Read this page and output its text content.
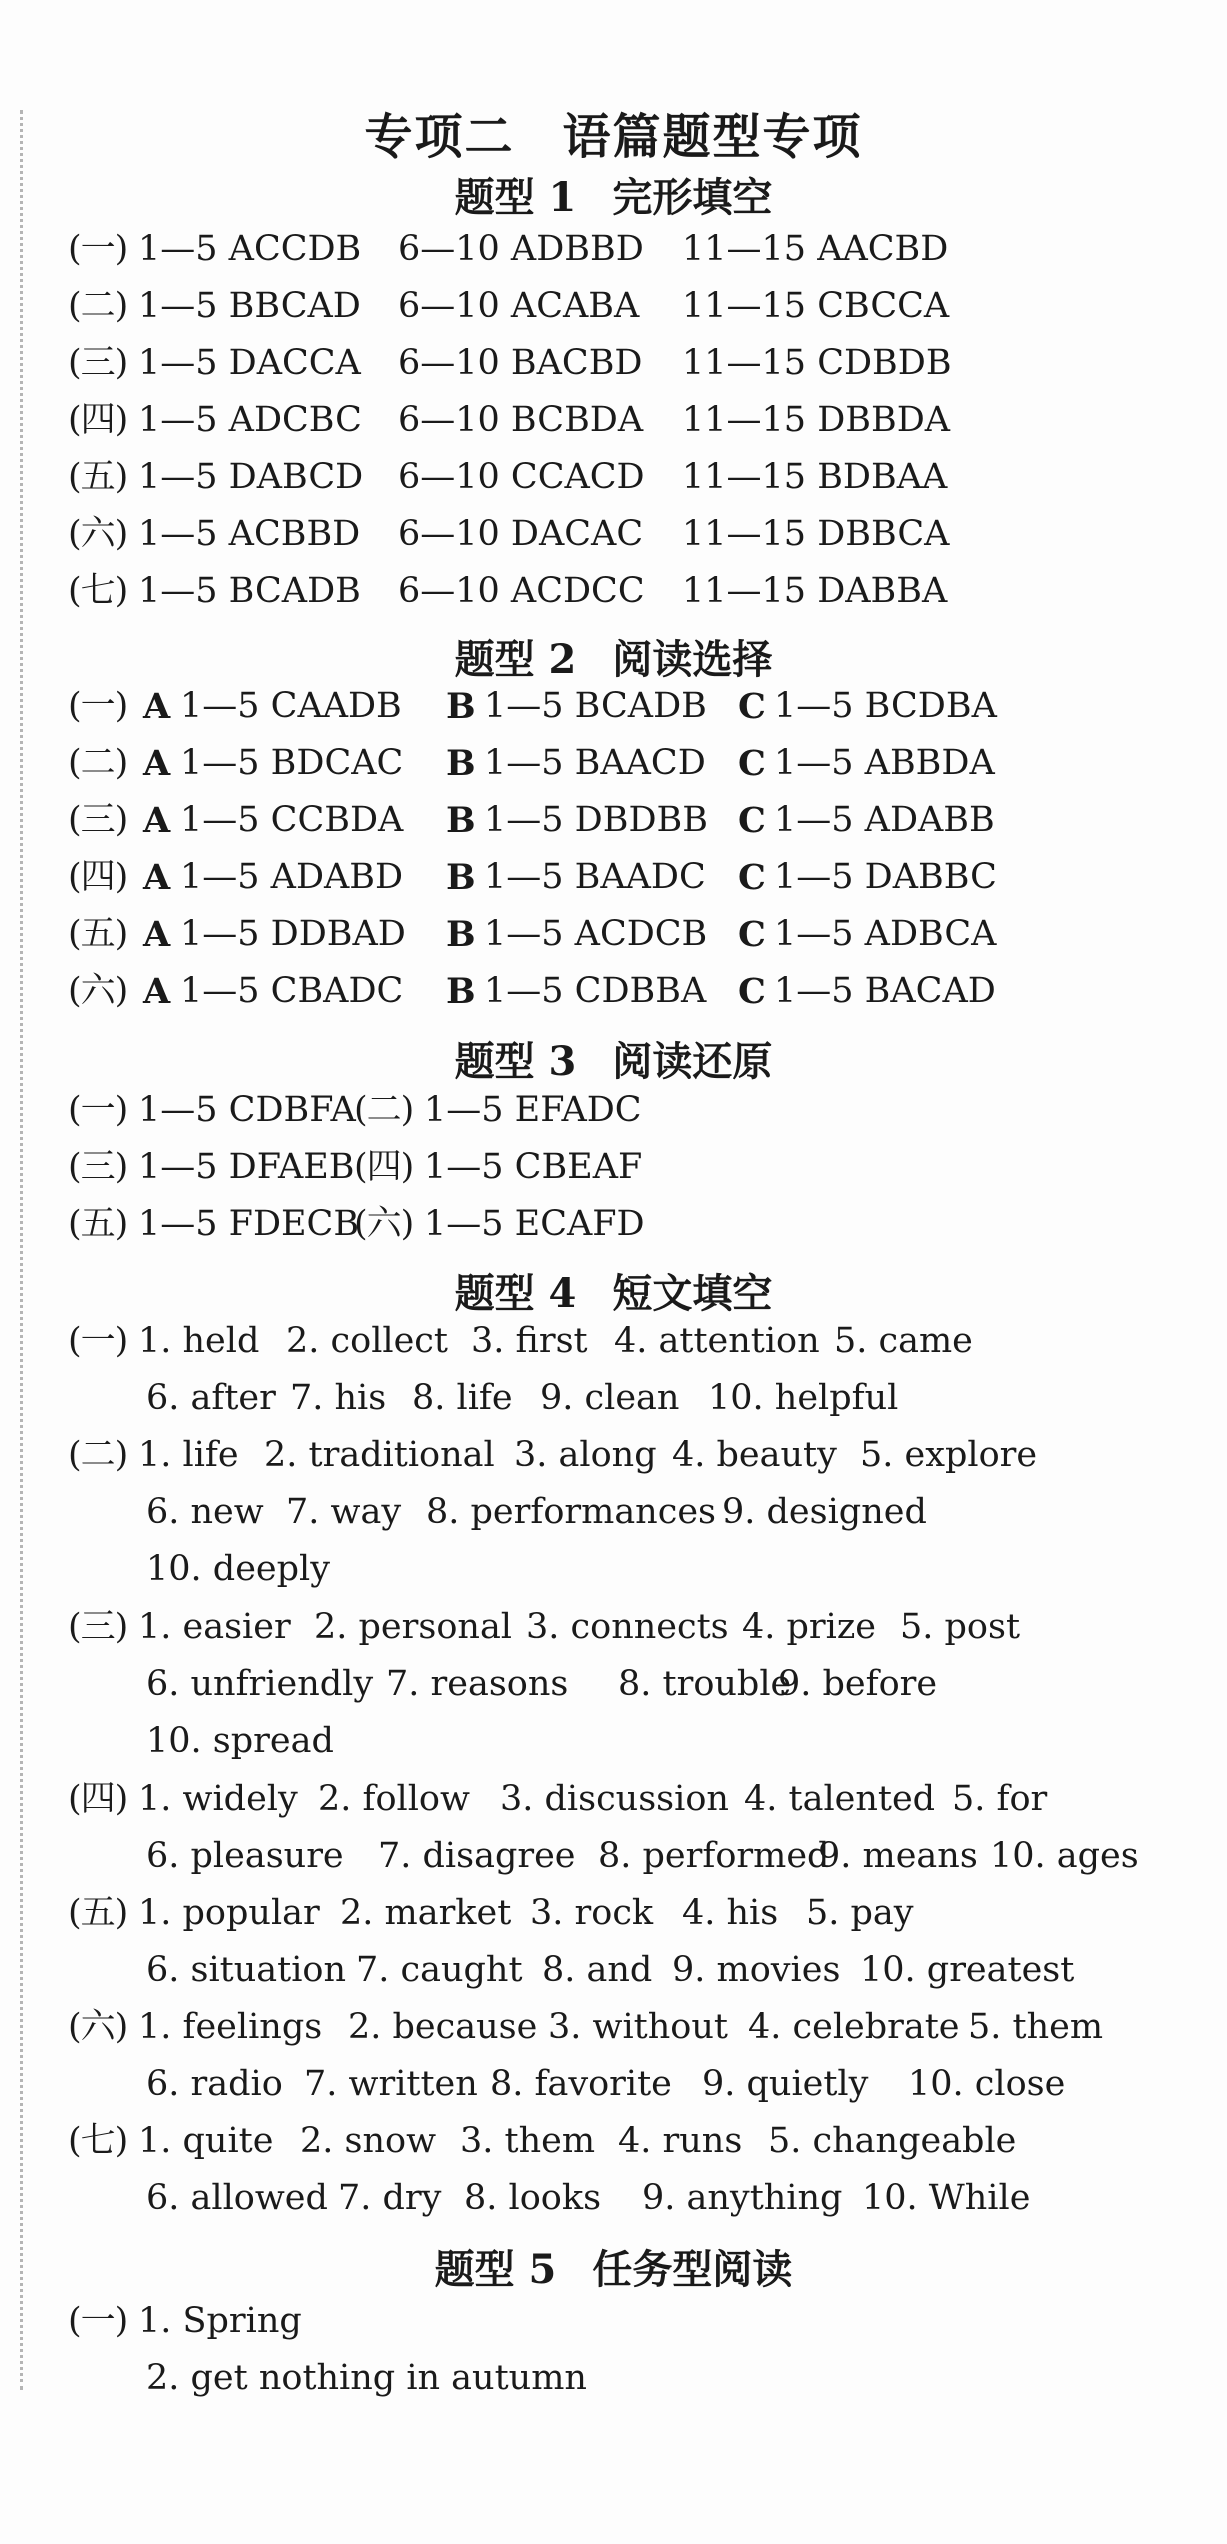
专项二 语篇题型专项
题型 1 完形填空

(一)

1—5 ACCDB

6—10 ADBBD

11—15 AACBD

(二)

1—5 BBCAD

6—10 ACABA

11—15 CBCCA

(三)

1—5 DACCA

6—10 BACBD

11—15 CDBDB

(四)

1—5 ADCBC

6—10 BCBDA

11—15 DBBDA

(五)

1—5 DABCD

6—10 CCACD

11—15 BDBAA

(六)

1—5 ACBBD

6—10 DACAC

11—15 DBBCA

(七)

1—5 BCADB

6—10 ACDCC

11—15 DABBA

题型 2 阅读选择

(一)

A

1—5 CAADB

B

1—5 BCADB

C

1—5 BCDBA

(二)

A

1—5 BDCAC

B

1—5 BAACD

C

1—5 ABBDA

(三)

A

1—5 CCBDA

B

1—5 DBDBB

C

1—5 ADABB

(四)

A

1—5 ADABD

B

1—5 BAADC

C

1—5 DABBC

(五)

A

1—5 DDBAD

B

1—5 ACDCB

C

1—5 ADBCA

(六)

A

1—5 CBADC

B

1—5 CDBBA

C

1—5 BACAD

题型 3 阅读还原

(一)

1—5 CDBFA

(二)

1—5 EFADC

(三)

1—5 DFAEB

(四)

1—5 CBEAF

(五)

1—5 FDECB

(六)

1—5 ECAFD

题型 4 短文填空

(一)

1. held

2. collect

3. first

4. attention

5. came

6. after

7. his

8. life

9. clean

10. helpful

(二)

1. life

2. traditional

3. along

4. beauty

5. explore

6. new

7. way

8. performances

9. designed

10. deeply

(三)

1. easier

2. personal

3. connects

4. prize

5. post

6. unfriendly

7. reasons

8. trouble

9. before

10. spread

(四)

1. widely

2. follow

3. discussion

4. talented

5. for

6. pleasure

7. disagree

8. performed

9. means

10. ages

(五)

1. popular

2. market

3. rock

4. his

5. pay

6. situation

7. caught

8. and

9. movies

10. greatest

(六)

1. feelings

2. because

3. without

4. celebrate

5. them

6. radio

7. written

8. favorite

9. quietly

10. close

(七)

1. quite

2. snow

3. them

4. runs

5. changeable

6. allowed

7. dry

8. looks

9. anything

10. While

题型 5 任务型阅读

(一)

1. Spring

2. get nothing in autumn
